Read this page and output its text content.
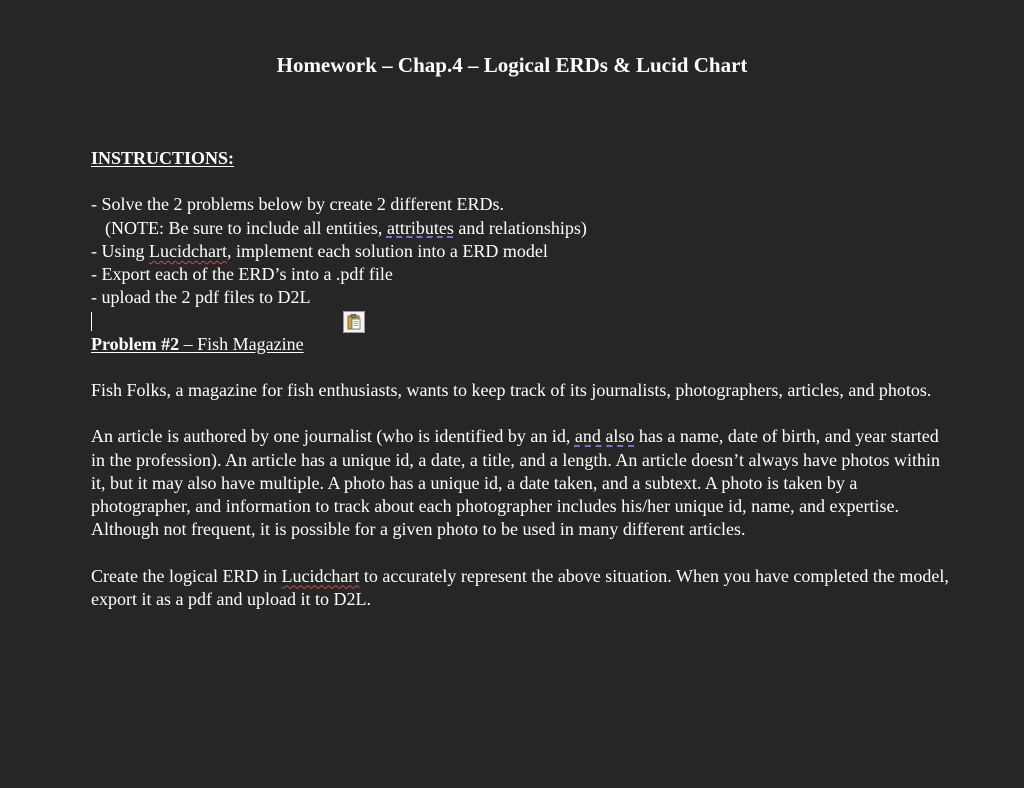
Homework – Chap.4 – Logical ERDs & Lucid Chart
INSTRUCTIONS:
- Solve the 2 problems below by create 2 different ERDs.
(NOTE: Be sure to include all entities, attributes and relationships)
- Using Lucidchart, implement each solution into a ERD model
- Export each of the ERD’s into a .pdf file
- upload the 2 pdf files to D2L
Problem #2 – Fish Magazine
Fish Folks, a magazine for fish enthusiasts, wants to keep track of its journalists, photographers, articles, and photos.
An article is authored by one journalist (who is identified by an id, and also has a name, date of birth, and year started in the profession). An article has a unique id, a date, a title, and a length. An article doesn’t always have photos within it, but it may also have multiple. A photo has a unique id, a date taken, and a subtext. A photo is taken by a photographer, and information to track about each photographer includes his/her unique id, name, and expertise. Although not frequent, it is possible for a given photo to be used in many different articles.
Create the logical ERD in Lucidchart to accurately represent the above situation. When you have completed the model, export it as a pdf and upload it to D2L.
